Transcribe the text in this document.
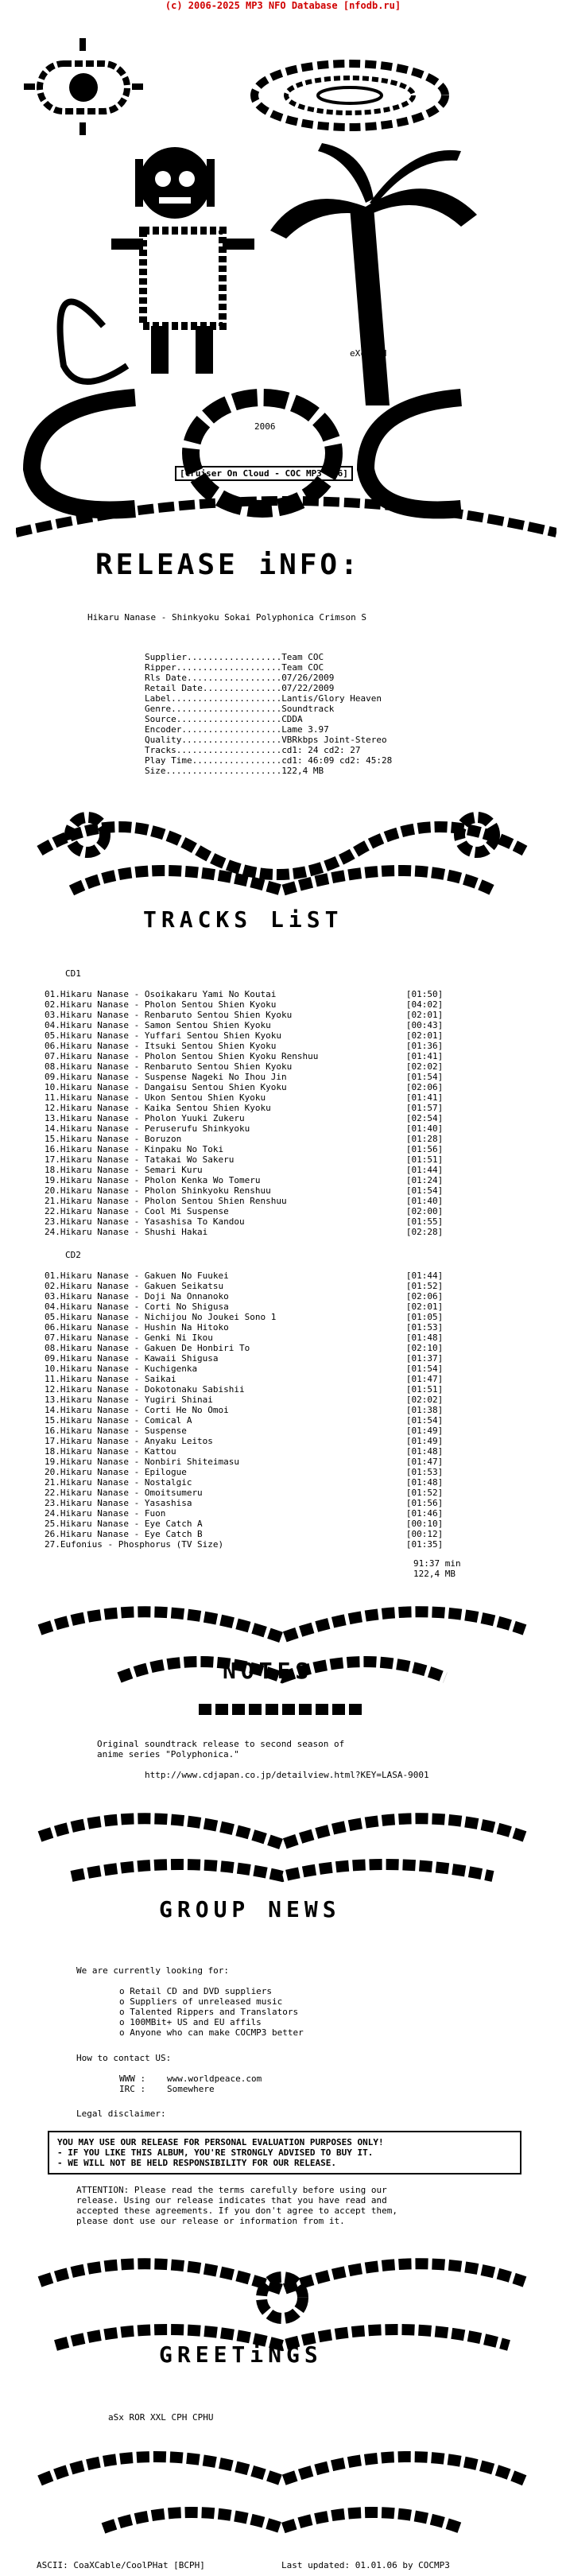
(c) 2006-2025 MP3 NFO Database [nfodb.ru]
eXc/CPH
2006
[Cruiser On Cloud - COC MP3 2K6]
RELEASE iNFO:
Hikaru Nanase - Shinkyoku Sokai Polyphonica Crimson S
Supplier.................. Team COC
Ripper.................... Team COC
Rls Date.................. 07/26/2009
Retail Date............... 07/22/2009
Label..................... Lantis/Glory Heaven
Genre..................... Soundtrack
Source.................... CDDA
Encoder................... Lame 3.97
Quality................... VBRkbps Joint-Stereo
Tracks.................... cd1: 24 cd2: 27
Play Time................. cd1: 46:09 cd2: 45:28
Size...................... 122,4 MB
TRACKS LiST
CD1
01. Hikaru Nanase - Osoikakaru Yami No Koutai	[01:50]
02. Hikaru Nanase - Pholon Sentou Shien Kyoku	[04:02]
03. Hikaru Nanase - Renbaruto Sentou Shien Kyoku	[02:01]
04. Hikaru Nanase - Samon Sentou Shien Kyoku	[00:43]
05. Hikaru Nanase - Yuffari Sentou Shien Kyoku	[02:01]
06. Hikaru Nanase - Itsuki Sentou Shien Kyoku	[01:36]
07. Hikaru Nanase - Pholon Sentou Shien Kyoku Renshuu	[01:41]
08. Hikaru Nanase - Renbaruto Sentou Shien Kyoku	[02:02]
09. Hikaru Nanase - Suspense Nageki No Ihou Jin	[01:54]
10. Hikaru Nanase - Dangaisu Sentou Shien Kyoku	[02:06]
11. Hikaru Nanase - Ukon Sentou Shien Kyoku	[01:41]
12. Hikaru Nanase - Kaika Sentou Shien Kyoku	[01:57]
13. Hikaru Nanase - Pholon Yuuki Zukeru	[02:54]
14. Hikaru Nanase - Peruserufu Shinkyoku	[01:40]
15. Hikaru Nanase - Boruzon	[01:28]
16. Hikaru Nanase - Kinpaku No Toki	[01:56]
17. Hikaru Nanase - Tatakai Wo Sakeru	[01:51]
18. Hikaru Nanase - Semari Kuru	[01:44]
19. Hikaru Nanase - Pholon Kenka Wo Tomeru	[01:24]
20. Hikaru Nanase - Pholon Shinkyoku Renshuu	[01:54]
21. Hikaru Nanase - Pholon Sentou Shien Renshuu	[01:40]
22. Hikaru Nanase - Cool Mi Suspense	[02:00]
23. Hikaru Nanase - Yasashisa To Kandou	[01:55]
24. Hikaru Nanase - Shushi Hakai	[02:28]
CD2
01. Hikaru Nanase - Gakuen No Fuukei	[01:44]
02. Hikaru Nanase - Gakuen Seikatsu	[01:52]
03. Hikaru Nanase - Doji Na Onnanoko	[02:06]
04. Hikaru Nanase - Corti No Shigusa	[02:01]
05. Hikaru Nanase - Nichijou No Joukei Sono 1	[01:05]
06. Hikaru Nanase - Hushin Na Hitoko	[01:53]
07. Hikaru Nanase - Genki Ni Ikou	[01:48]
08. Hikaru Nanase - Gakuen De Honbiri To	[02:10]
09. Hikaru Nanase - Kawaii Shigusa	[01:37]
10. Hikaru Nanase - Kuchigenka	[01:54]
11. Hikaru Nanase - Saikai	[01:47]
12. Hikaru Nanase - Dokotonaku Sabishii	[01:51]
13. Hikaru Nanase - Yugiri Shinai	[02:02]
14. Hikaru Nanase - Corti He No Omoi	[01:38]
15. Hikaru Nanase - Comical A	[01:54]
16. Hikaru Nanase - Suspense	[01:49]
17. Hikaru Nanase - Anyaku Leitos	[01:49]
18. Hikaru Nanase - Kattou	[01:48]
19. Hikaru Nanase - Nonbiri Shiteimasu	[01:47]
20. Hikaru Nanase - Epilogue	[01:53]
21. Hikaru Nanase - Nostalgic	[01:48]
22. Hikaru Nanase - Omoitsumeru	[01:52]
23. Hikaru Nanase - Yasashisa	[01:56]
24. Hikaru Nanase - Fuon	[01:46]
25. Hikaru Nanase - Eye Catch A	[00:10]
26. Hikaru Nanase - Eye Catch B	[00:12]
27. Eufonius - Phosphorus (TV Size)	[01:35]
91:37 min
122,4 MB
NOTES
Original soundtrack release to second season of
anime series "Polyphonica."
http://www.cdjapan.co.jp/detailview.html?KEY=LASA-9001
GROUP NEWS
We are currently looking for:
o Retail CD and DVD suppliers
o Suppliers of unreleased music
o Talented Rippers and Translators
o 100MBit+ US and EU affils
o Anyone who can make COCMP3 better
How to contact US:
WWW :	www.worldpeace.com
IRC :	Somewhere
Legal disclaimer:
YOU MAY USE OUR RELEASE FOR PERSONAL EVALUATION PURPOSES ONLY!
- IF YOU LIKE THIS ALBUM, YOU'RE STRONGLY ADVISED TO BUY IT.
- WE WILL NOT BE HELD RESPONSIBILITY FOR OUR RELEASE.
ATTENTION: Please read the terms carefully before using our
release. Using our release indicates that you have read and
accepted these agreements. If you don't agree to accept them,
please dont use our release or information from it.
GREETiNGS
aSx ROR XXL CPH CPHU
ASCII: CoaXCable/CoolPHat [BCPH]	Last updated: 01.01.06 by COCMP3
